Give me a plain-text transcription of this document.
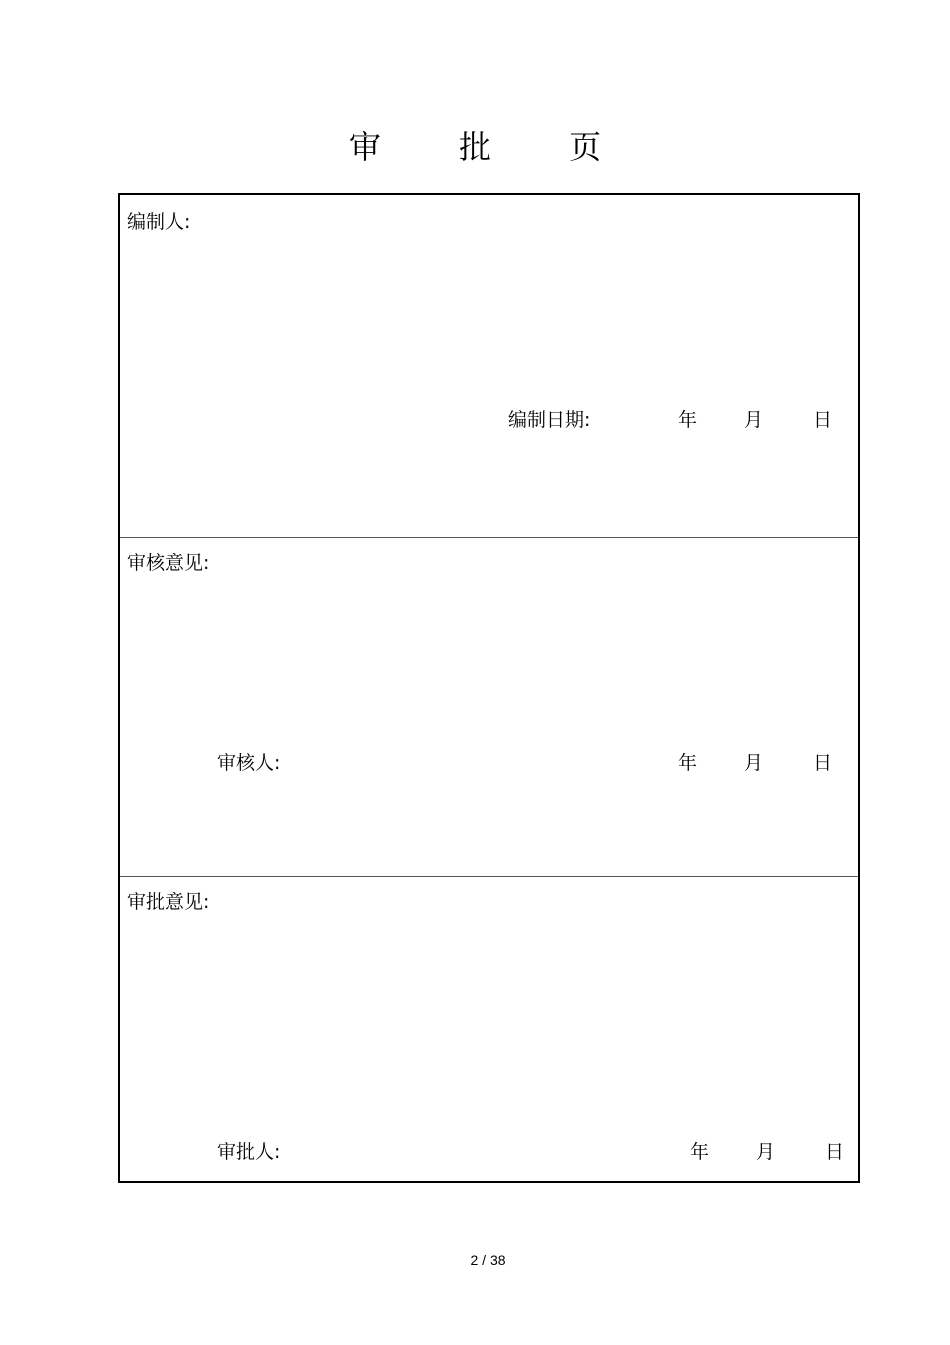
审 批 页
编制人:
编制日期:	年 月	日
审核意见:
审核人:	年 月	日
审批意见:
审批人:	年 月	日
2 / 38
